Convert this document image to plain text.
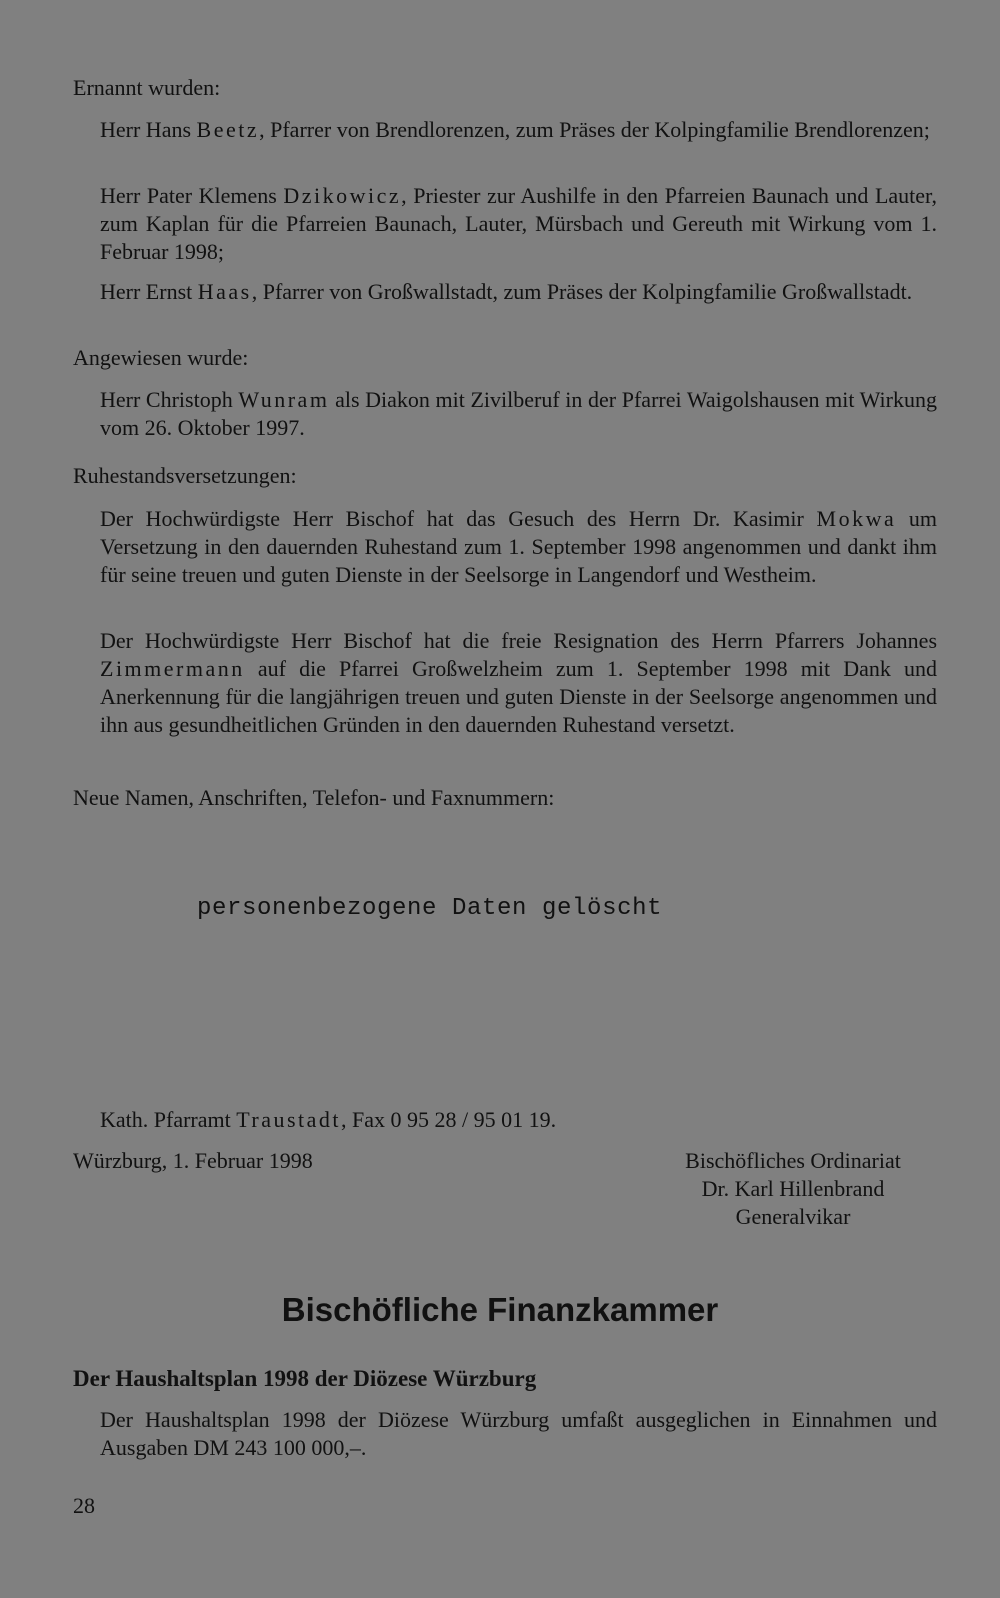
Ernannt wurden:

Herr Hans Beetz, Pfarrer von Brendlorenzen, zum Präses der Kolpingfamilie Brendlorenzen;

Herr Pater Klemens Dzikowicz, Priester zur Aushilfe in den Pfarreien Baunach und Lauter, zum Kaplan für die Pfarreien Baunach, Lauter, Mürsbach und Gereuth mit Wirkung vom 1. Februar 1998;

Herr Ernst Haas, Pfarrer von Großwallstadt, zum Präses der Kolpingfamilie Großwallstadt.

Angewiesen wurde:

Herr Christoph Wunram als Diakon mit Zivilberuf in der Pfarrei Waigolshausen mit Wirkung vom 26. Oktober 1997.

Ruhestandsversetzungen:

Der Hochwürdigste Herr Bischof hat das Gesuch des Herrn Dr. Kasimir Mokwa um Versetzung in den dauernden Ruhestand zum 1. September 1998 angenommen und dankt ihm für seine treuen und guten Dienste in der Seelsorge in Langendorf und Westheim.

Der Hochwürdigste Herr Bischof hat die freie Resignation des Herrn Pfarrers Johannes Zimmermann auf die Pfarrei Großwelzheim zum 1. September 1998 mit Dank und Anerkennung für die langjährigen treuen und guten Dienste in der Seelsorge angenommen und ihn aus gesundheitlichen Gründen in den dauernden Ruhestand versetzt.

Neue Namen, Anschriften, Telefon- und Faxnummern:

personenbezogene Daten gelöscht

Kath. Pfarramt Traustadt, Fax 0 95 28 / 95 01 19.

Würzburg, 1. Februar 1998	Bischöfliches Ordinariat
Dr. Karl Hillenbrand
Generalvikar

Bischöfliche Finanzkammer

Der Haushaltsplan 1998 der Diözese Würzburg

Der Haushaltsplan 1998 der Diözese Würzburg umfaßt ausgeglichen in Einnahmen und Ausgaben DM 243 100 000,–.

28
